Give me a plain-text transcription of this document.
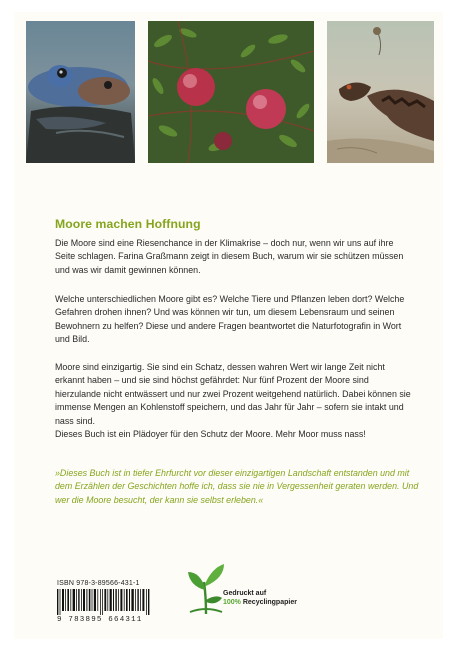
Moore machen Hoffnung

Die Moore sind eine Riesenchance in der Klimakrise – doch nur, wenn wir uns auf ihre Seite schlagen. Farina Graßmann zeigt in diesem Buch, warum wir sie schützen müssen und was wir damit gewinnen können.

Welche unterschiedlichen Moore gibt es? Welche Tiere und Pflanzen leben dort? Welche Gefahren drohen ihnen? Und was können wir tun, um diesem Lebensraum und seinen Bewohnern zu helfen? Diese und andere Fragen beantwortet die Naturfotografin in Wort und Bild.

Moore sind einzigartig. Sie sind ein Schatz, dessen wahren Wert wir lange Zeit nicht erkannt haben – und sie sind höchst gefährdet: Nur fünf Prozent der Moore sind hierzulande nicht entwässert und nur zwei Prozent weitgehend natürlich. Dabei können sie immense Mengen an Kohlenstoff speichern, und das Jahr für Jahr – sofern sie intakt und nass sind.

Dieses Buch ist ein Plädoyer für den Schutz der Moore. Mehr Moor muss nass!

»Dieses Buch ist in tiefer Ehrfurcht vor dieser einzigartigen Landschaft entstanden und mit dem Erzählen der Geschichten hoffe ich, dass sie nie in Vergessenheit geraten werden. Und wer die Moore besucht, der kann sie selbst erleben.«

ISBN 978-3-89566-431-1
9 783895 664311
Gedruckt auf
100% Recyclingpapier
